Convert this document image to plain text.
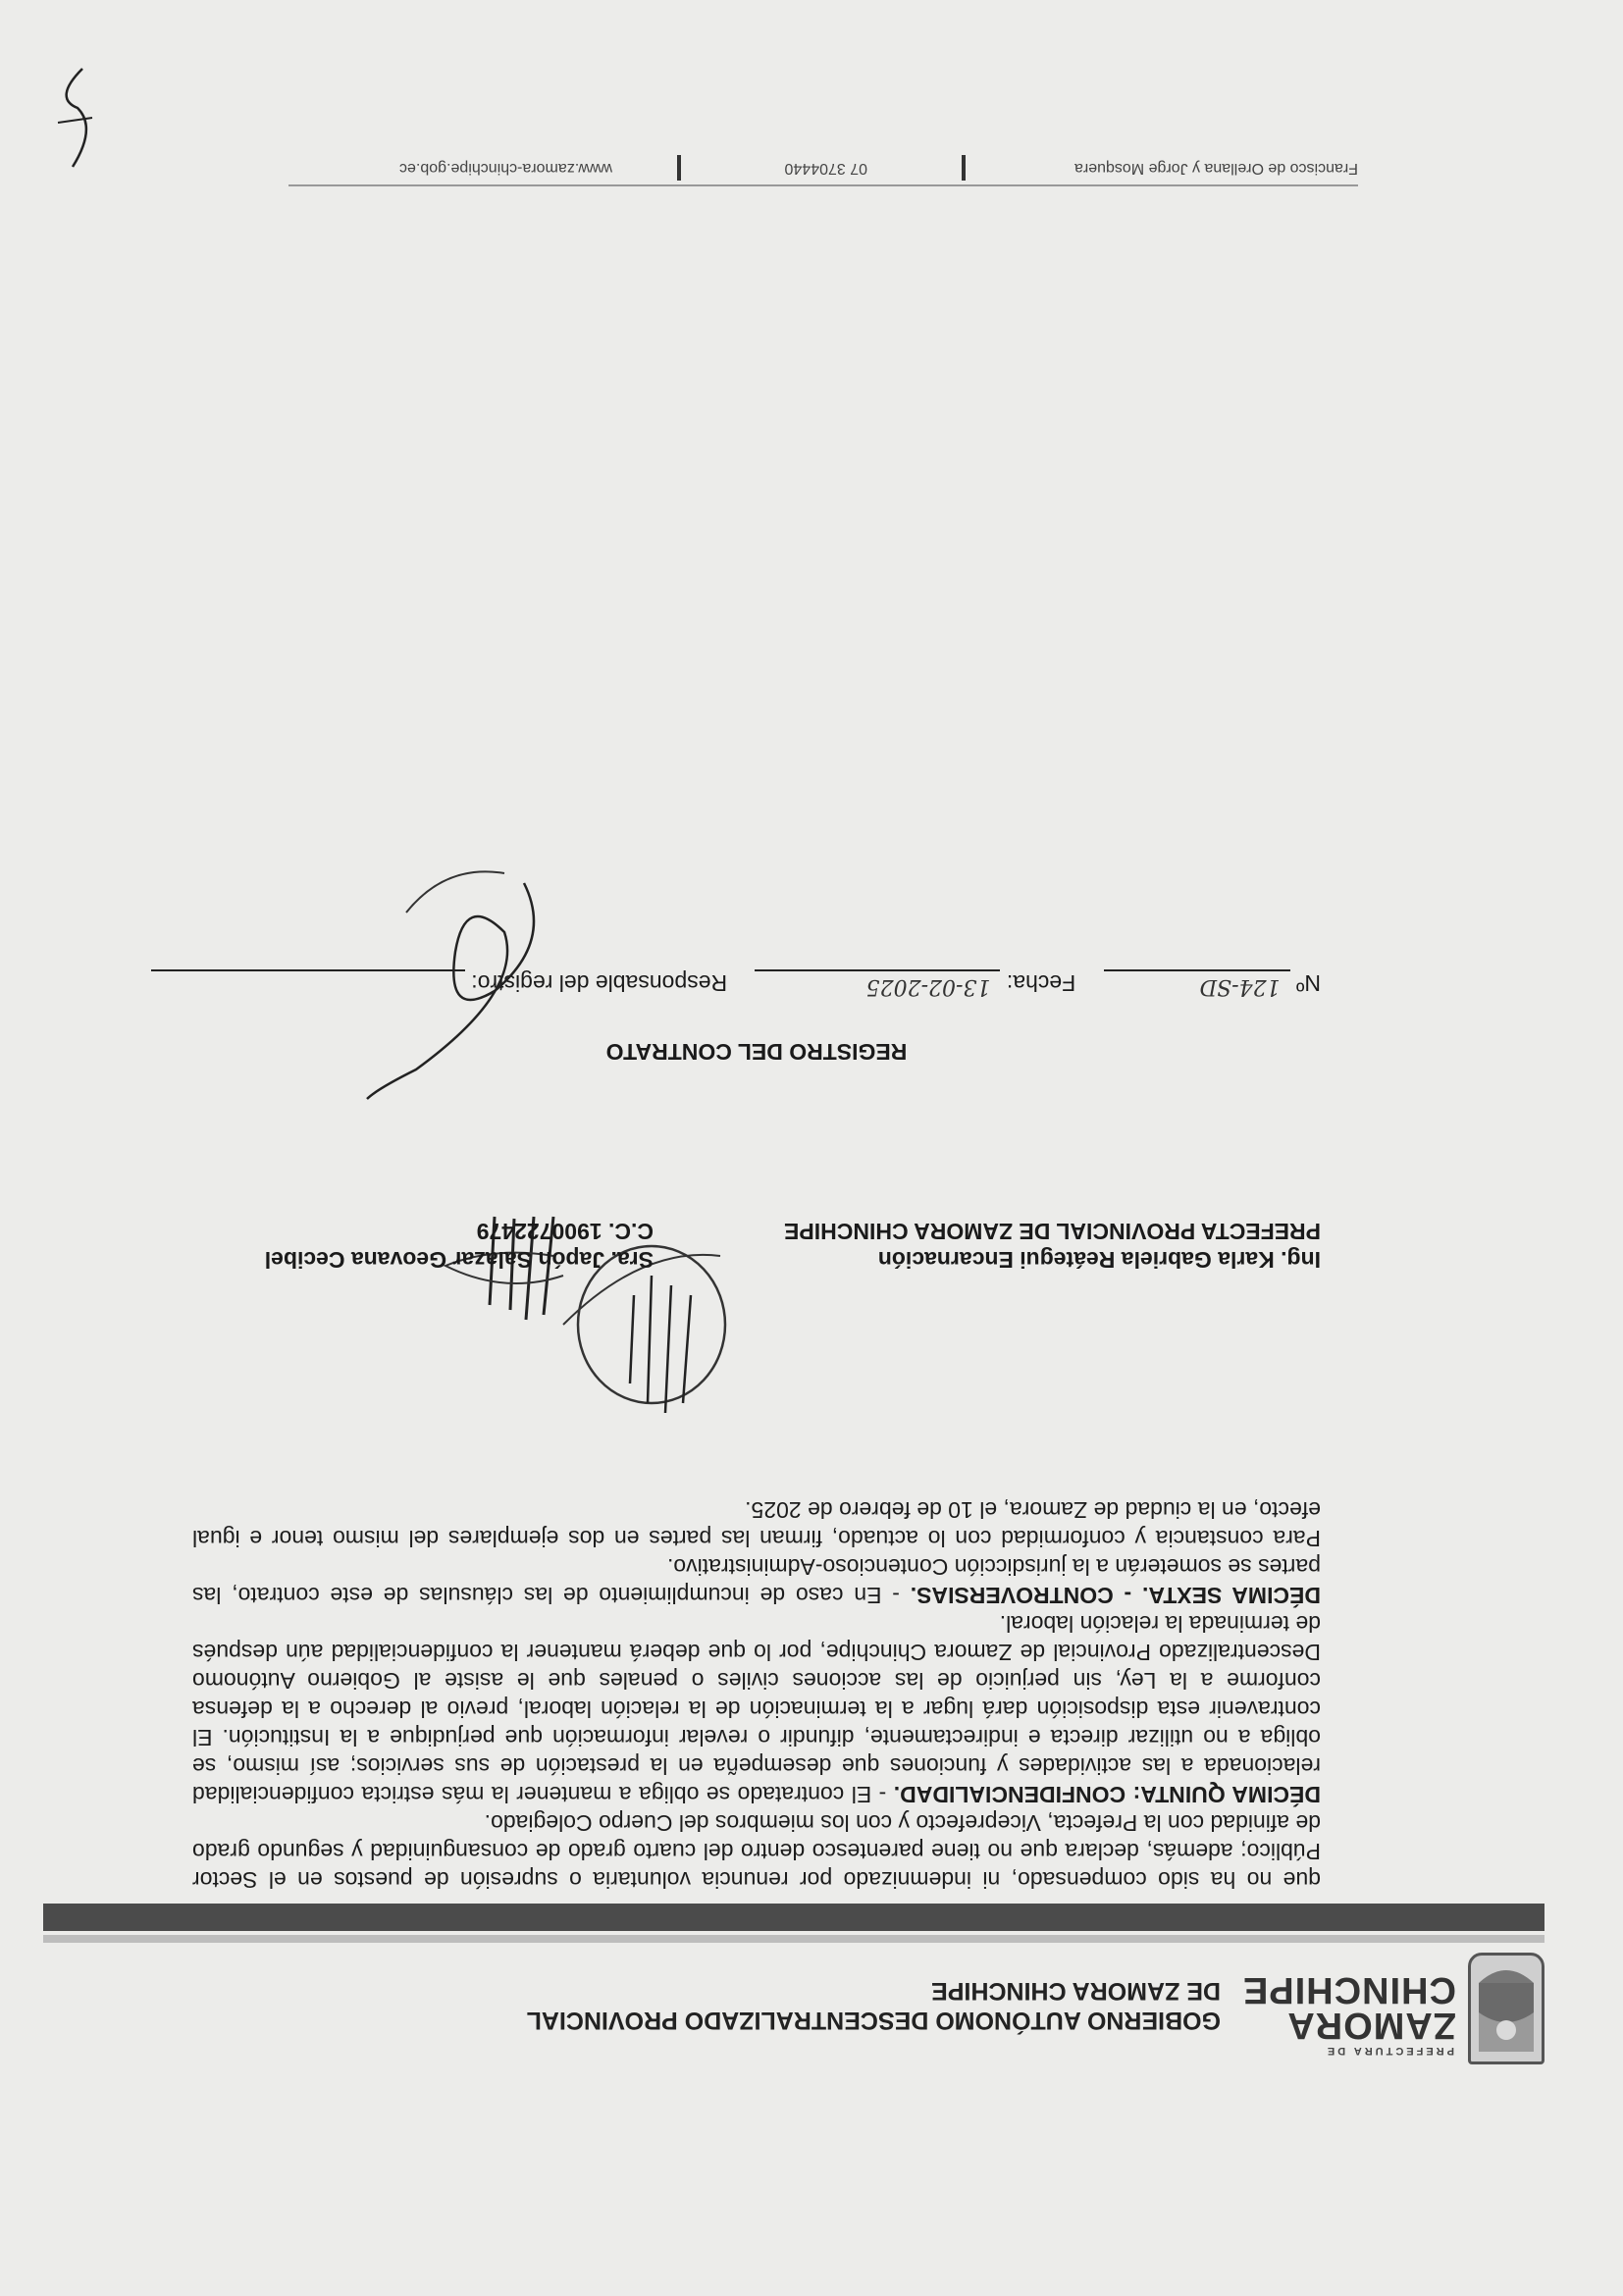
PREFECTURA DE
ZAMORA
CHINCHIPE
GOBIERNO AUTÓNOMO DESCENTRALIZADO PROVINCIAL
DE ZAMORA CHINCHIPE

que no ha sido compensado, ni indemnizado por renuncia voluntaria o supresión de puestos en el Sector Público; además, declara que no tiene parentesco dentro del cuarto grado de consanguinidad y segundo grado de afinidad con la Prefecta, Viceprefecto y con los miembros del Cuerpo Colegiado.

DÉCIMA QUINTA: CONFIDENCIALIDAD. - El contratado se obliga a mantener la más estricta confidencialidad relacionada a las actividades y funciones que desempeña en la prestación de sus servicios; así mismo, se obliga a no utilizar directa e indirectamente, difundir o revelar información que perjudique a la Institución. El contravenir esta disposición dará lugar a la terminación de la relación laboral, previo al derecho a la defensa conforme a la Ley, sin perjuicio de las acciones civiles o penales que le asiste al Gobierno Autónomo Descentralizado Provincial de Zamora Chinchipe, por lo que deberá mantener la confidencialidad aún después de terminada la relación laboral.

DÉCIMA SEXTA. - CONTROVERSIAS. - En caso de incumplimiento de las cláusulas de este contrato, las partes se someterán a la jurisdicción Contencioso-Administrativo.

Para constancia y conformidad con lo actuado, firman las partes en dos ejemplares del mismo tenor e igual efecto, en la ciudad de Zamora, el 10 de febrero de 2025.

Ing. Karla Gabriela Reátegui Encarnación
PREFECTA PROVINCIAL DE ZAMORA CHINCHIPE
Sra. Japón Salazar Geovana Cecibel
C.C. 1900722479
REGISTRO DEL CONTRATO
Nº
124-SD
Fecha:
13-02-2025
Responsable del registro:
Francisco de Orellana y Jorge Mosquera
07 3704440
www.zamora-chinchipe.gob.ec
